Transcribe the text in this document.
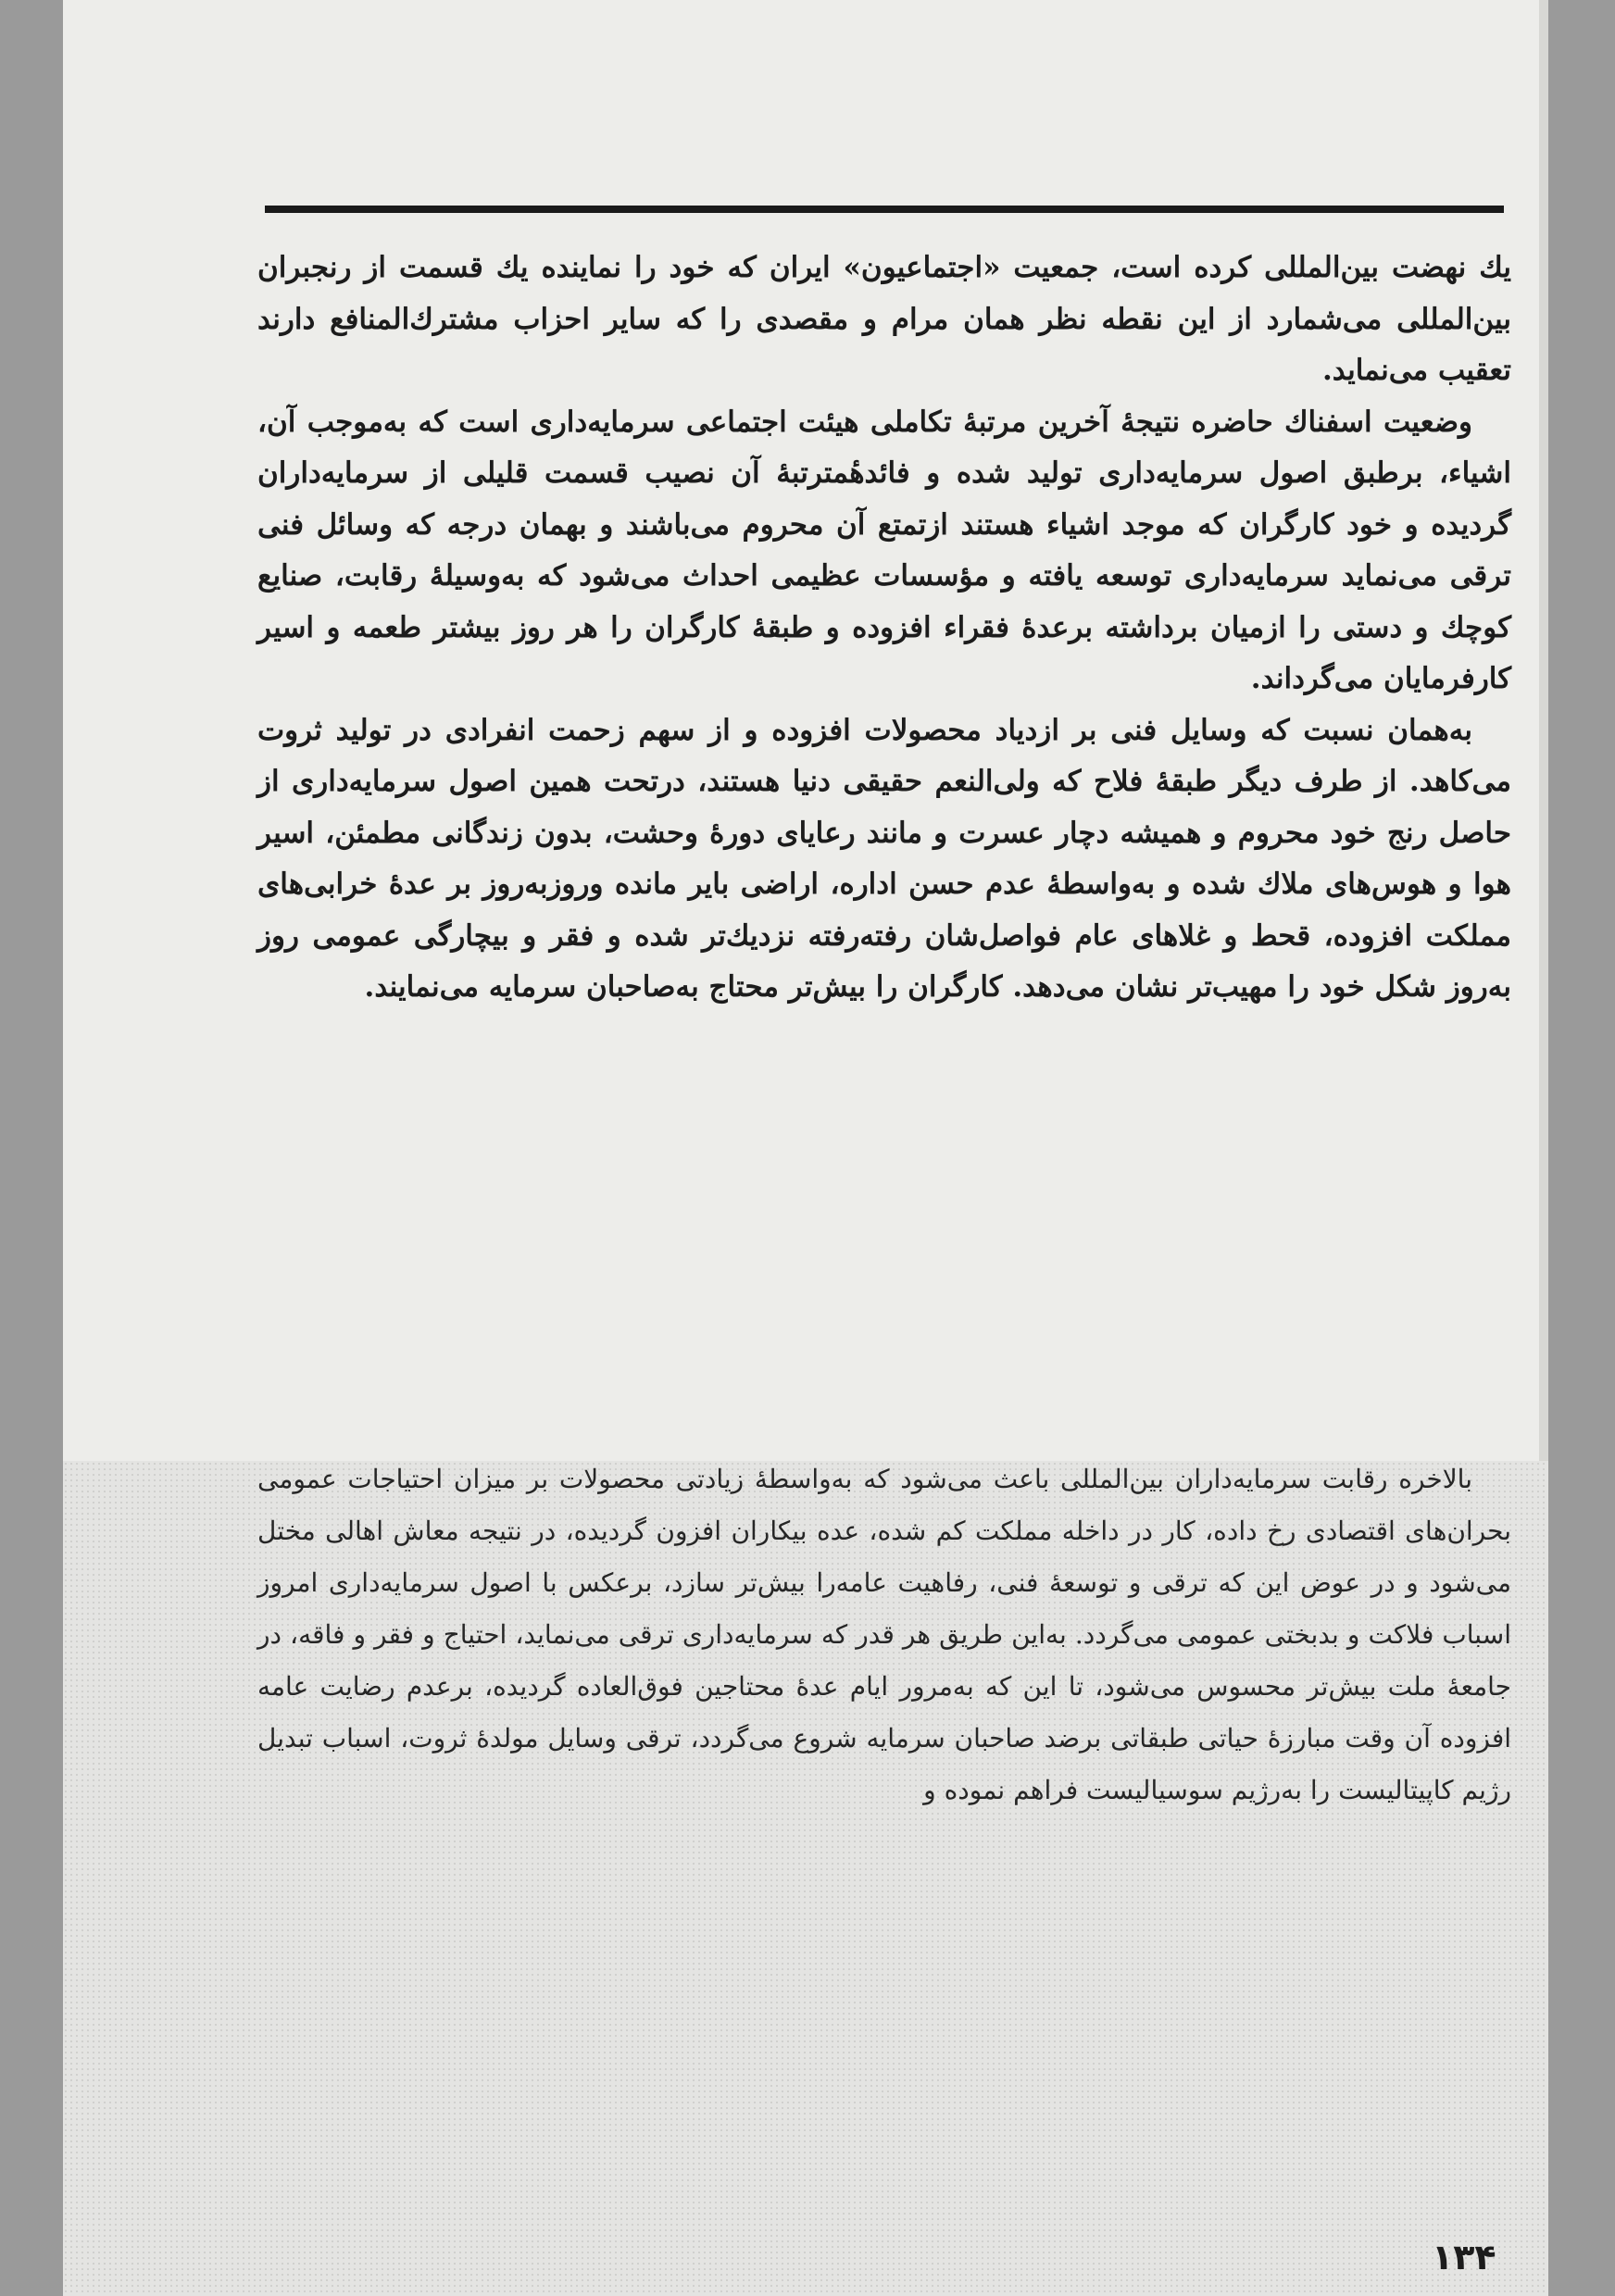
یك نهضت بین‌المللی کرده است، جمعیت «اجتماعیون» ایران که خود را نماینده یك قسمت از رنجبران بین‌المللی می‌شمارد از این نقطه نظر همان مرام و مقصدی را که سایر احزاب مشترك‌المنافع دارند تعقیب می‌نماید.

وضعیت اسفناك حاضره نتیجهٔ آخرین مرتبهٔ تکاملی هیئت اجتماعی سرمایه‌داری است که به‌موجب آن، اشیاء، برطبق اصول سرمایه‌داری تولید شده و فائدهٔمترتبهٔ آن نصیب قسمت قلیلی از سرمایه‌داران گردیده و خود کارگران که موجد اشیاء هستند ازتمتع آن محروم می‌باشند و بهمان درجه که وسائل فنی ترقی می‌نماید سرمایه‌داری توسعه یافته و مؤسسات عظیمی احداث می‌شود که به‌وسیلهٔ رقابت، صنایع کوچك و دستی را ازمیان برداشته برعدهٔ فقراء افزوده و طبقهٔ کارگران را هر روز بیشتر طعمه و اسیر کارفرمایان می‌گرداند.

به‌همان نسبت که وسایل فنی بر ازدیاد محصولات افزوده و از سهم زحمت انفرادی در تولید ثروت می‌کاهد. از طرف دیگر طبقهٔ فلاح که ولی‌النعم حقیقی دنیا هستند، درتحت همین اصول سرمایه‌داری از حاصل رنج خود محروم و همیشه دچار عسرت و مانند رعایای دورهٔ وحشت، بدون زندگانی مطمئن، اسیر هوا و هوس‌های ملاك شده و به‌واسطهٔ عدم حسن اداره، اراضی بایر مانده وروزبه‌روز بر عدهٔ خرابی‌های مملکت افزوده، قحط و غلاهای عام فواصل‌شان رفته‌رفته نزدیك‌تر شده و فقر و بیچارگی عمومی روز به‌روز شکل خود را مهیب‌تر نشان می‌دهد. کارگران را بیش‌تر محتاج به‌صاحبان سرمایه می‌نمایند.

بالاخره رقابت سرمایه‌داران بین‌المللی باعث می‌شود که به‌واسطهٔ زیادتی محصولات بر میزان احتیاجات عمومی بحران‌های اقتصادی رخ داده، کار در داخله مملکت کم شده، عده بیکاران افزون گردیده، در نتیجه معاش اهالی مختل می‌شود و در عوض این که ترقی و توسعهٔ فنی، رفاهیت عامه‌را بیش‌تر سازد، برعکس با اصول سرمایه‌داری امروز اسباب فلاکت و بدبختی عمومی می‌گردد. به‌این طریق هر قدر که سرمایه‌داری ترقی می‌نماید، احتیاج و فقر و فاقه، در جامعهٔ ملت بیش‌تر محسوس می‌شود، تا این که به‌مرور ایام عدهٔ محتاجین فوق‌العاده گردیده، برعدم رضایت عامه افزوده آن وقت مبارزهٔ حیاتی طبقاتی برضد صاحبان سرمایه شروع می‌گردد، ترقی وسایل مولدهٔ ثروت، اسباب تبدیل رژیم کاپیتالیست را به‌رژیم سوسیالیست فراهم نموده و

۱۳۴
